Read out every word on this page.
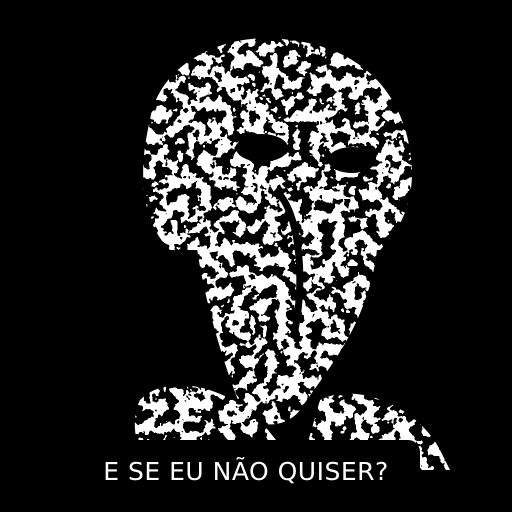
E SE EU NÃO QUISER?
